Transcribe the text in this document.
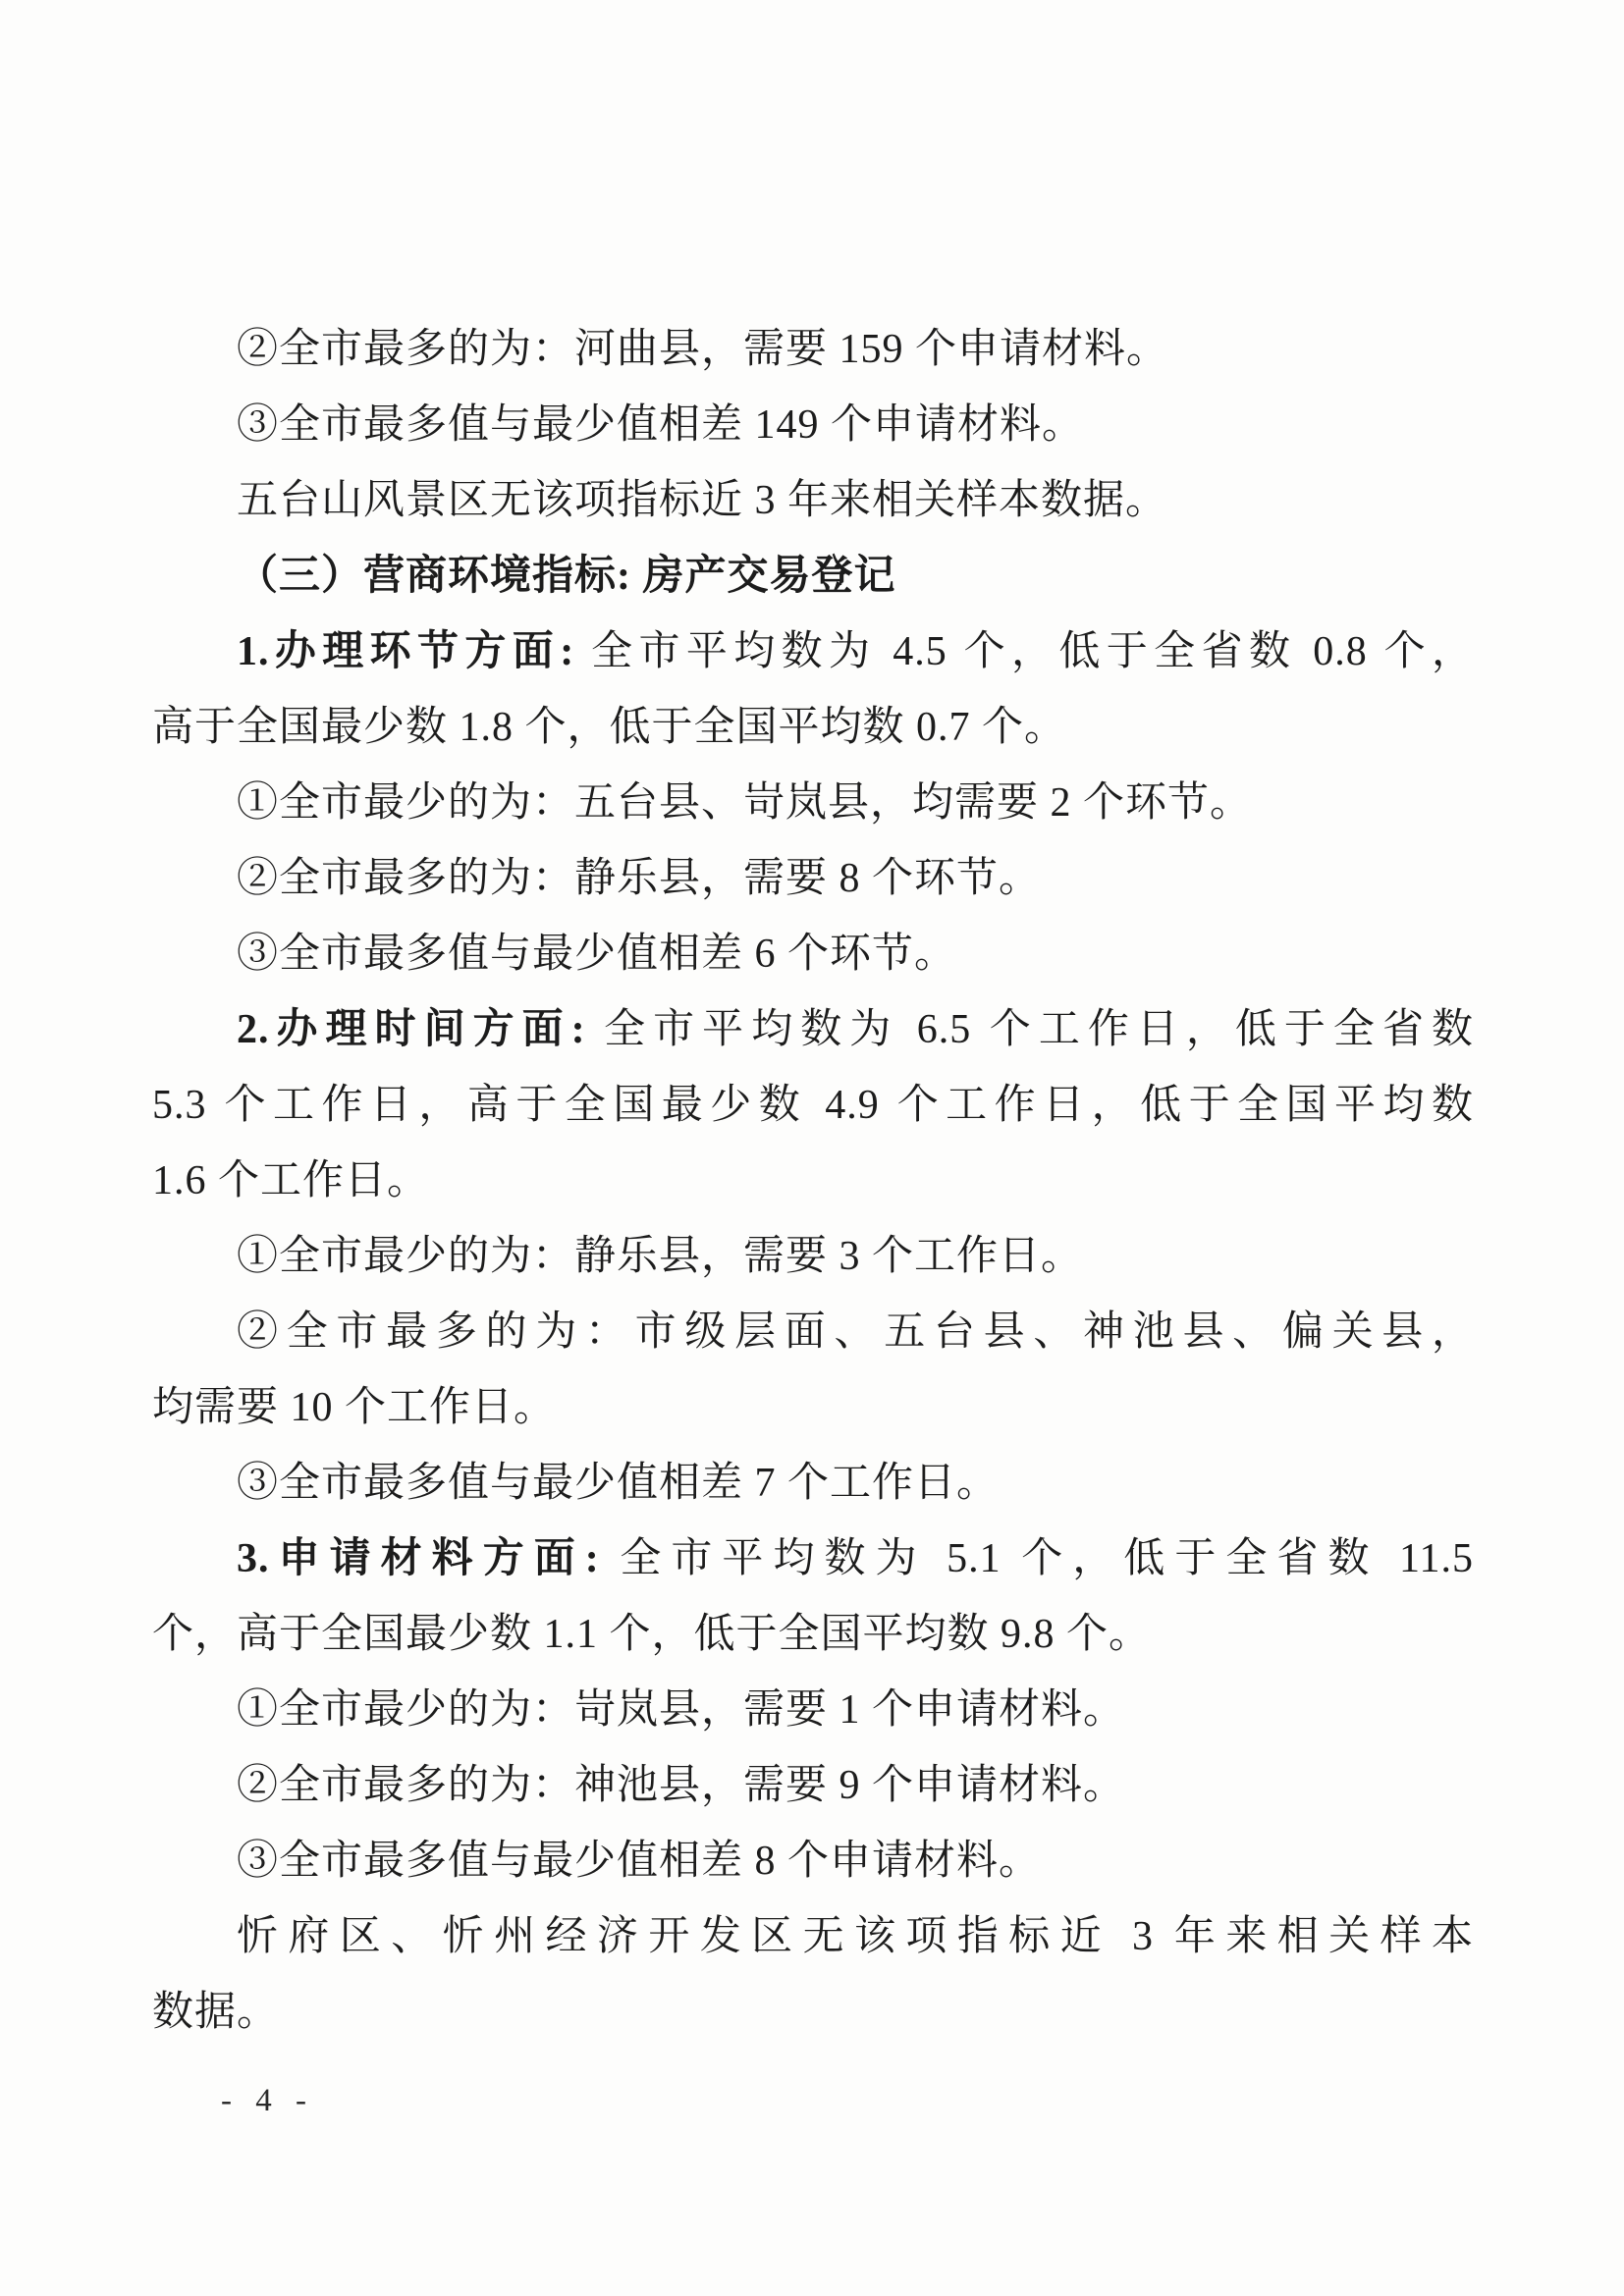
②全市最多的为：河曲县，需要 159 个申请材料。

③全市最多值与最少值相差 149 个申请材料。

五台山风景区无该项指标近 3 年来相关样本数据。

（三）营商环境指标: 房产交易登记

1.办理环节方面: 全市平均数为 4.5 个，低于全省数 0.8 个，

高于全国最少数 1.8 个，低于全国平均数 0.7 个。

①全市最少的为：五台县、岢岚县，均需要 2 个环节。

②全市最多的为：静乐县，需要 8 个环节。

③全市最多值与最少值相差 6 个环节。

2.办理时间方面: 全市平均数为 6.5 个工作日，低于全省数

5.3 个工作日，高于全国最少数 4.9 个工作日，低于全国平均数

1.6 个工作日。

①全市最少的为：静乐县，需要 3 个工作日。

②全市最多的为：市级层面、五台县、神池县、偏关县，

均需要 10 个工作日。

③全市最多值与最少值相差 7 个工作日。

3.申请材料方面: 全市平均数为 5.1 个，低于全省数 11.5

个，高于全国最少数 1.1 个，低于全国平均数 9.8 个。

①全市最少的为：岢岚县，需要 1 个申请材料。

②全市最多的为：神池县，需要 9 个申请材料。

③全市最多值与最少值相差 8 个申请材料。

忻府区、忻州经济开发区无该项指标近 3 年来相关样本

数据。

- 4 -
